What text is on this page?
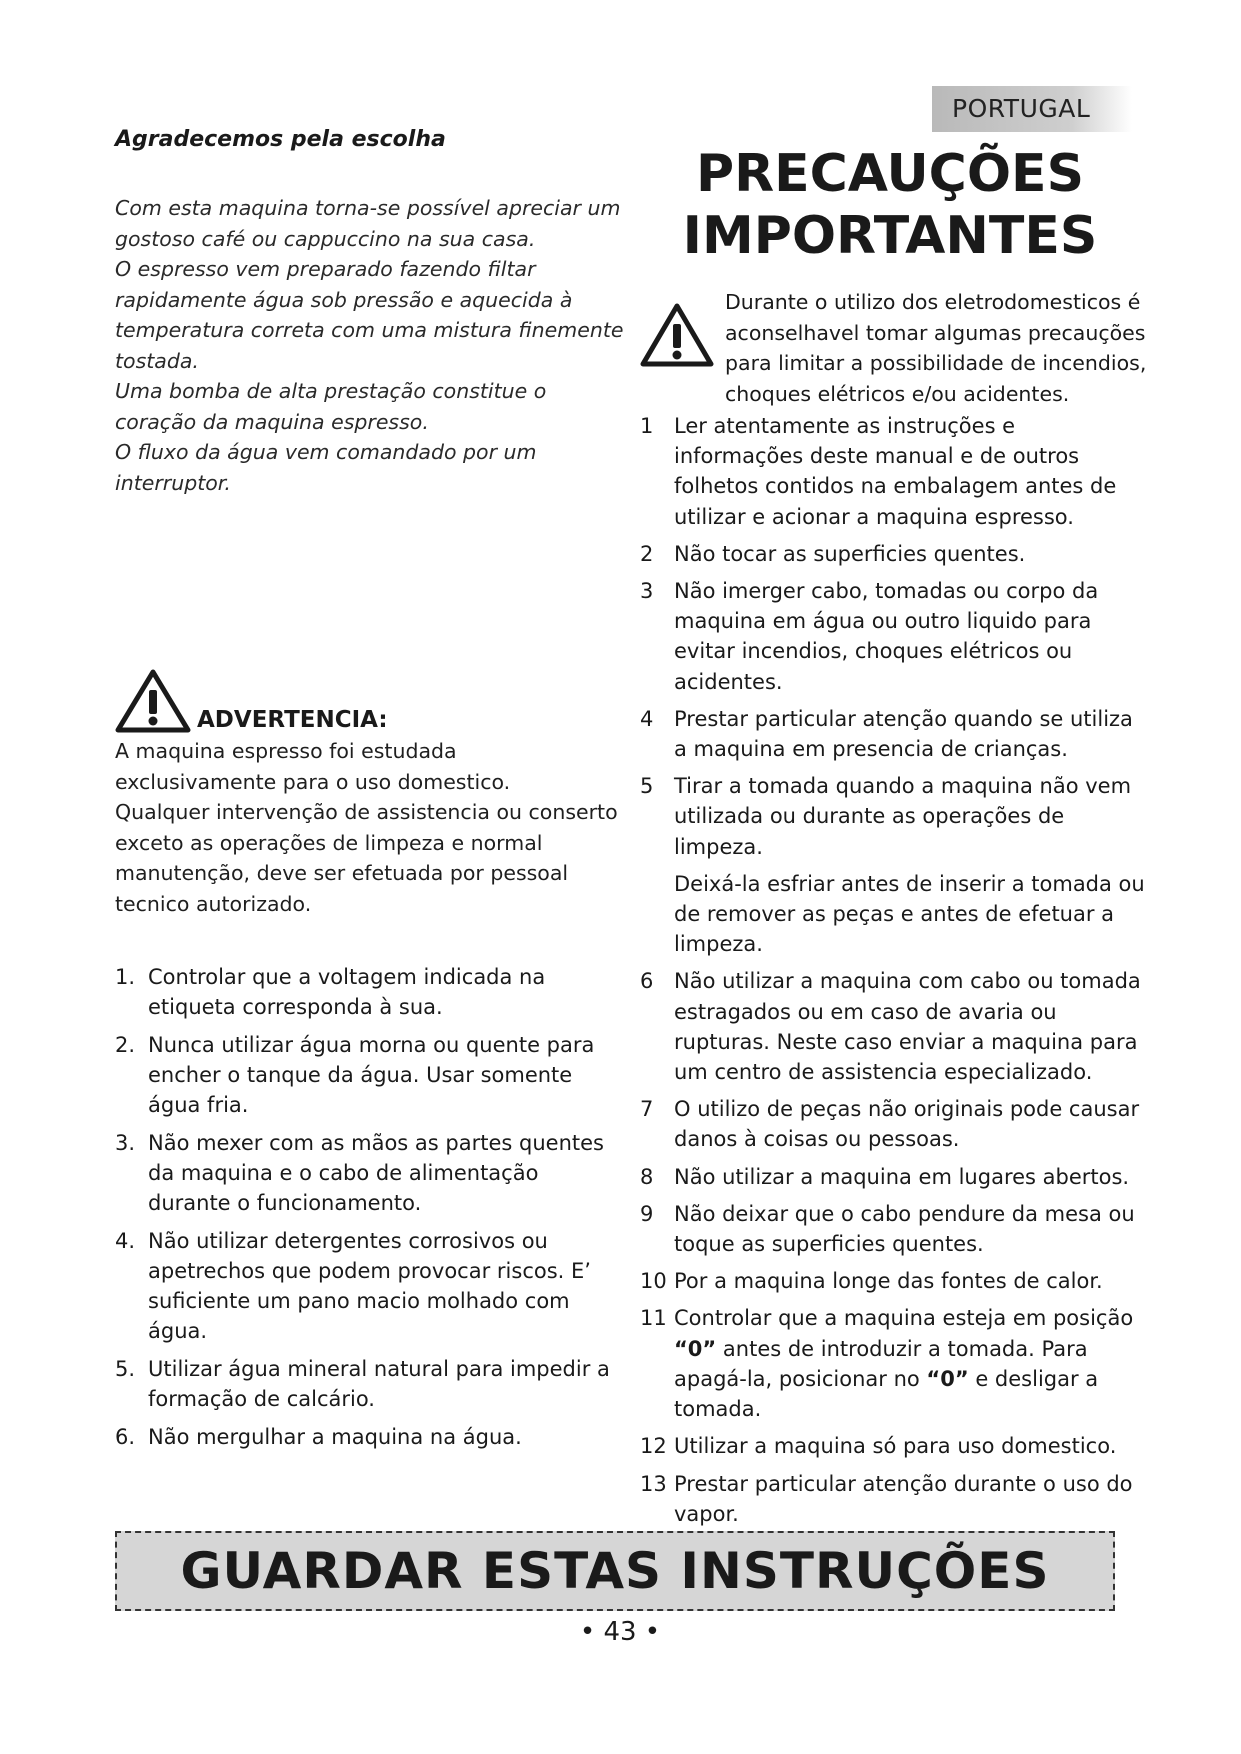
PORTUGAL
PRECAUÇÕES
IMPORTANTES
Agradecemos pela escolha

Com esta maquina torna-se possível apreciar um gostoso café ou cappuccino na sua casa.

O espresso vem preparado fazendo filtar rapidamente água sob pressão e aquecida à temperatura correta com uma mistura finemente tostada.

Uma bomba de alta prestação constitue o coração da maquina espresso.

O fluxo da água vem comandado por um interruptor.

ADVERTENCIA:

A maquina espresso foi estudada exclusivamente para o uso domestico.

Qualquer intervenção de assistencia ou conserto exceto as operações de limpeza e normal manutenção, deve ser efetuada por pessoal tecnico autorizado.

1. Controlar que a voltagem indicada na etiqueta corresponda à sua.
2. Nunca utilizar água morna ou quente para encher o tanque da água. Usar somente água fria.
3. Não mexer com as mãos as partes quentes da maquina e o cabo de alimentação durante o funcionamento.
4. Não utilizar detergentes corrosivos ou apetrechos que podem provocar riscos. E’ suficiente um pano macio molhado com água.
5. Utilizar água mineral natural para impedir a formação de calcário.
6. Não mergulhar a maquina na água.
Durante o utilizo dos eletrodomesticos é aconselhavel tomar algumas precauções para limitar a possibilidade de incendios, choques elétricos e/ou acidentes.
1 Ler atentamente as instruções e informações deste manual e de outros folhetos contidos na embalagem antes de utilizar e acionar a maquina espresso.
2 Não tocar as superficies quentes.
3 Não imerger cabo, tomadas ou corpo da maquina em água ou outro liquido para evitar incendios, choques elétricos ou acidentes.
4 Prestar particular atenção quando se utiliza a maquina em presencia de crianças.
5 Tirar a tomada quando a maquina não vem utilizada ou durante as operações de limpeza.
Deixá-la esfriar antes de inserir a tomada ou de remover as peças e antes de efetuar a limpeza.
6 Não utilizar a maquina com cabo ou tomada estragados ou em caso de avaria ou rupturas. Neste caso enviar a maquina para um centro de assistencia especializado.
7 O utilizo de peças não originais pode causar danos à coisas ou pessoas.
8 Não utilizar a maquina em lugares abertos.
9 Não deixar que o cabo pendure da mesa ou toque as superficies quentes.
10 Por a maquina longe das fontes de calor.
11 Controlar que a maquina esteja em posição “0” antes de introduzir a tomada. Para apagá-la, posicionar no “0” e desligar a tomada.
12 Utilizar a maquina só para uso domestico.
13 Prestar particular atenção durante o uso do vapor.
GUARDAR ESTAS INSTRUÇÕES
• 43 •
